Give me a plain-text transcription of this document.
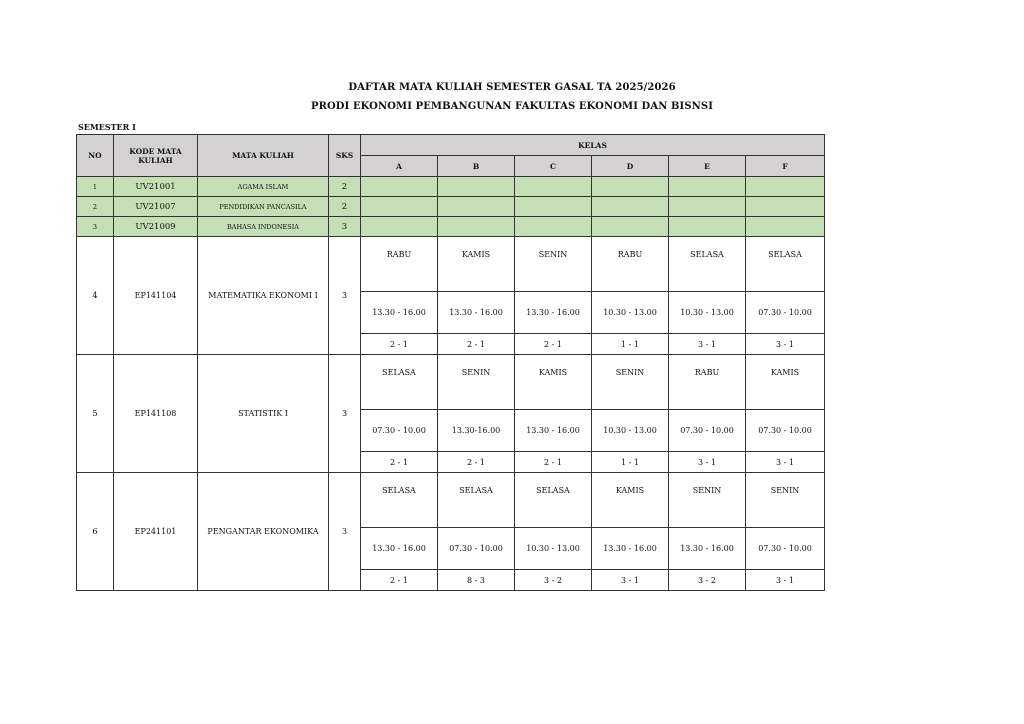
DAFTAR MATA KULIAH SEMESTER GASAL TA 2025/2026
PRODI EKONOMI PEMBANGUNAN FAKULTAS EKONOMI DAN BISNSI
SEMESTER I
NO	KODE MATA KULIAH	MATA KULIAH	SKS	KELAS					
				A	B	C	D	E	F
1	UV21001	AGAMA ISLAM	2						
2	UV21007	PENDIDIKAN PANCASILA	2						
3	UV21009	BAHASA INDONESIA	3						
4	EP141104	MATEMATIKA EKONOMI I	3	RABU	KAMIS	SENIN	RABU	SELASA	SELASA
				13.30 - 16.00	13.30 - 16.00	13.30 - 16.00	10.30 - 13.00	10.30 - 13.00	07.30 - 10.00
				2 - 1	2 - 1	2 - 1	1 - 1	3 - 1	3 - 1
5	EP141108	STATISTIK I	3	SELASA	SENIN	KAMIS	SENIN	RABU	KAMIS
				07.30 - 10.00	13.30-16.00	13.30 - 16.00	10.30 - 13.00	07.30 - 10.00	07.30 - 10.00
				2 - 1	2 - 1	2 - 1	1 - 1	3 - 1	3 - 1
6	EP241101	PENGANTAR EKONOMIKA	3	SELASA	SELASA	SELASA	KAMIS	SENIN	SENIN
				13.30 - 16.00	07.30 - 10.00	10.30 - 13.00	13.30 - 16.00	13.30 - 16.00	07.30 - 10.00
				2 - 1	8 - 3	3 - 2	3 - 1	3 - 2	3 - 1
